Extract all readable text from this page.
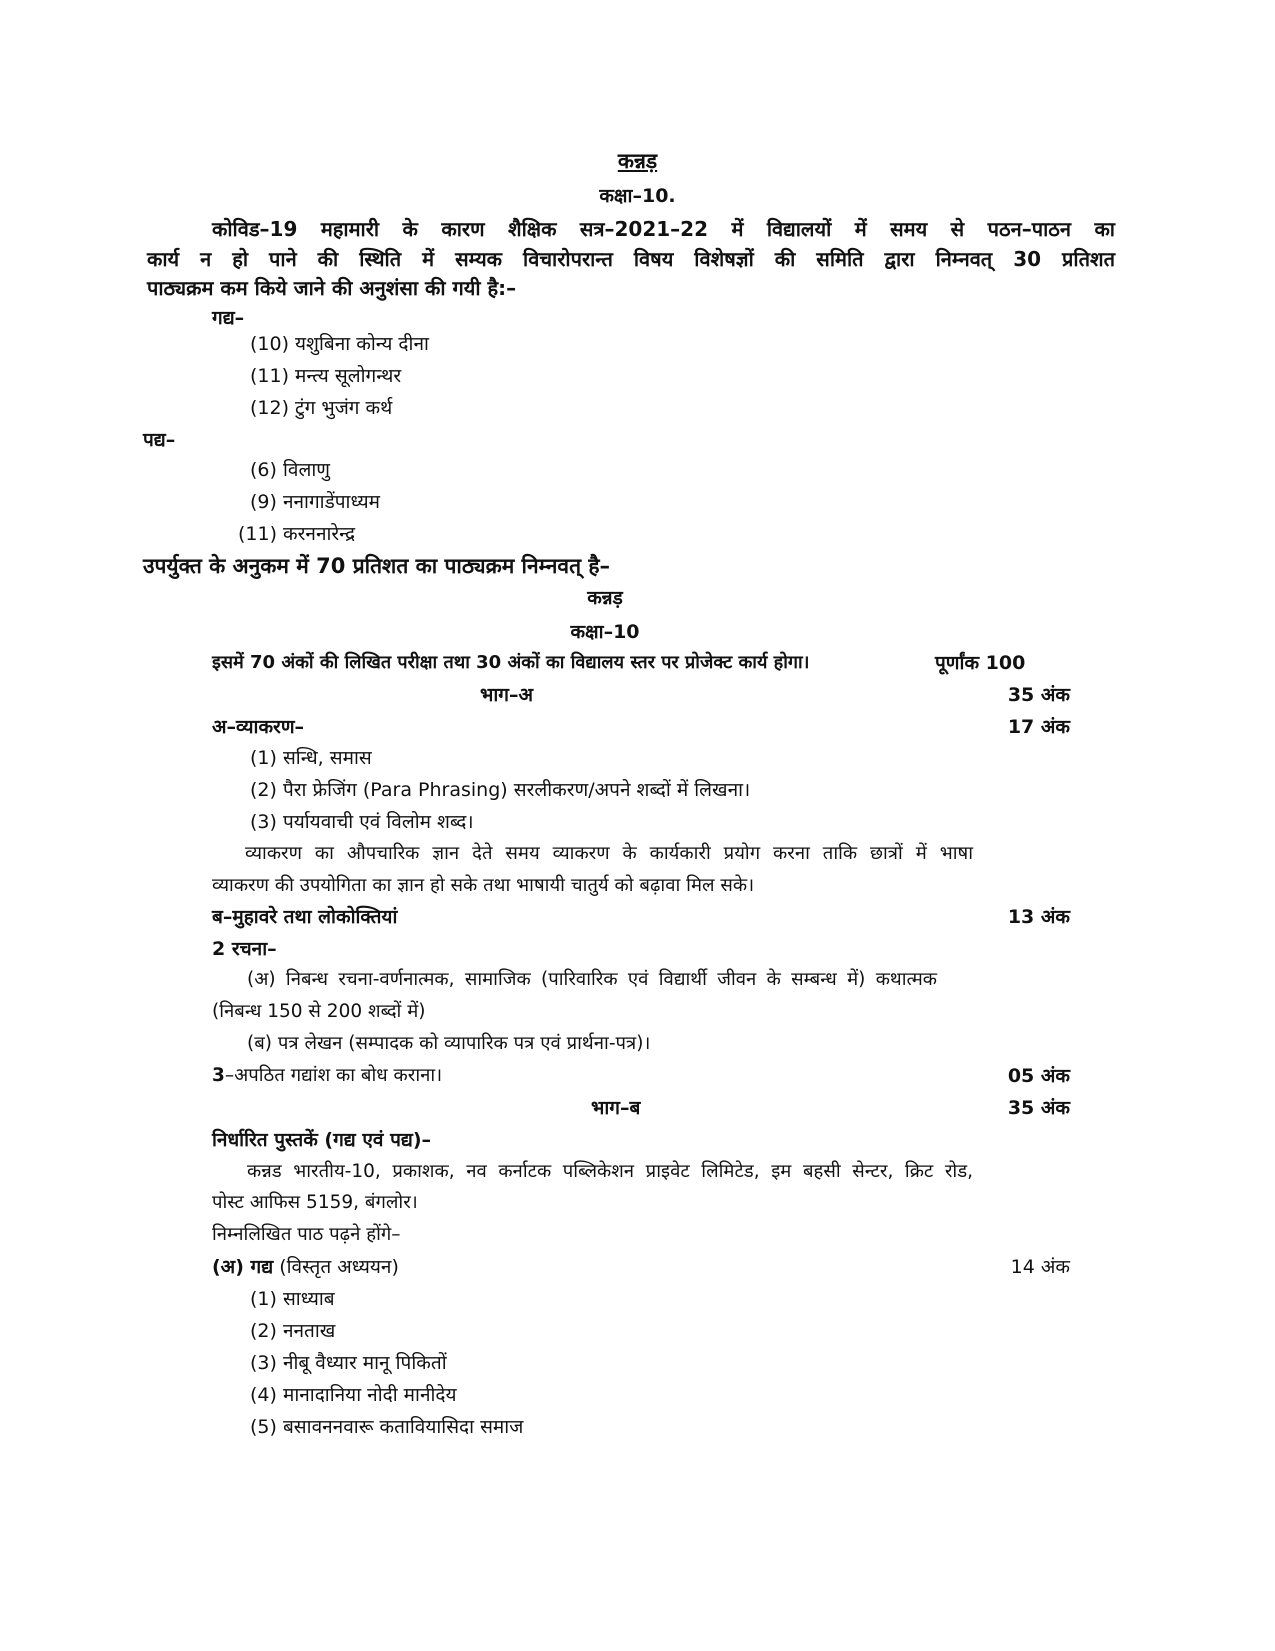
कन्नड़
कक्षा–10.
कोविड–19 महामारी के कारण शैक्षिक सत्र–2021–22 में विद्यालयों में समय से पठन–पाठन का
कार्य न हो पाने की स्थिति में सम्यक विचारोपरान्त विषय विशेषज्ञों की समिति द्वारा निम्नवत् 30 प्रतिशत
पाठ्यक्रम कम किये जाने की अनुशंसा की गयी है:–
गद्य–
(10) यशुबिना कोन्य दीना
(11) मन्त्य सूलोगन्थर
(12) टुंग भुजंग कर्थ
पद्य–
(6) विलाणु
(9) ननागाडेंपाध्यम
(11) करननारेन्द्र
उपर्युक्त के अनुकम में 70 प्रतिशत का पाठ्यक्रम निम्नवत् है–
कन्नड़
कक्षा–10
इसमें 70 अंकों की लिखित परीक्षा तथा 30 अंकों का विद्यालय स्तर पर प्रोजेक्ट कार्य होगा।	पूर्णांक 100
भाग–अ	35 अंक
अ–व्याकरण–	17 अंक
(1) सन्धि, समास
(2) पैरा फ्रेजिंग (Para Phrasing) सरलीकरण/अपने शब्दों में लिखना।
(3) पर्यायवाची एवं विलोम शब्द।
व्याकरण का औपचारिक ज्ञान देते समय व्याकरण के कार्यकारी प्रयोग करना ताकि छात्रों में भाषा
व्याकरण की उपयोगिता का ज्ञान हो सके तथा भाषायी चातुर्य को बढ़ावा मिल सके।
ब–मुहावरे तथा लोकोक्तियां	13 अंक
2 रचना–
(अ) निबन्ध रचना-वर्णनात्मक, सामाजिक (पारिवारिक एवं विद्यार्थी जीवन के सम्बन्ध में) कथात्मक
(निबन्ध 150 से 200 शब्दों में)
(ब) पत्र लेखन (सम्पादक को व्यापारिक पत्र एवं प्रार्थना-पत्र)।
3–अपठित गद्यांश का बोध कराना।	05 अंक
भाग–ब	35 अंक
निर्धारित पुस्तकें (गद्य एवं पद्य)–
कन्नड भारतीय-10, प्रकाशक, नव कर्नाटक पब्लिकेशन प्राइवेट लिमिटेड, इम बहसी सेन्टर, क्रिट रोड,
पोस्ट आफिस 5159, बंगलोर।
निम्नलिखित पाठ पढ़ने होंगे–
(अ) गद्य (विस्तृत अध्ययन)	14 अंक
(1) साध्याब
(2) ननताख
(3) नीबू वैध्यार मानू पिकितों
(4) मानादानिया नोदी मानीदेय
(5) बसावननवारू कतावियासिदा समाज
